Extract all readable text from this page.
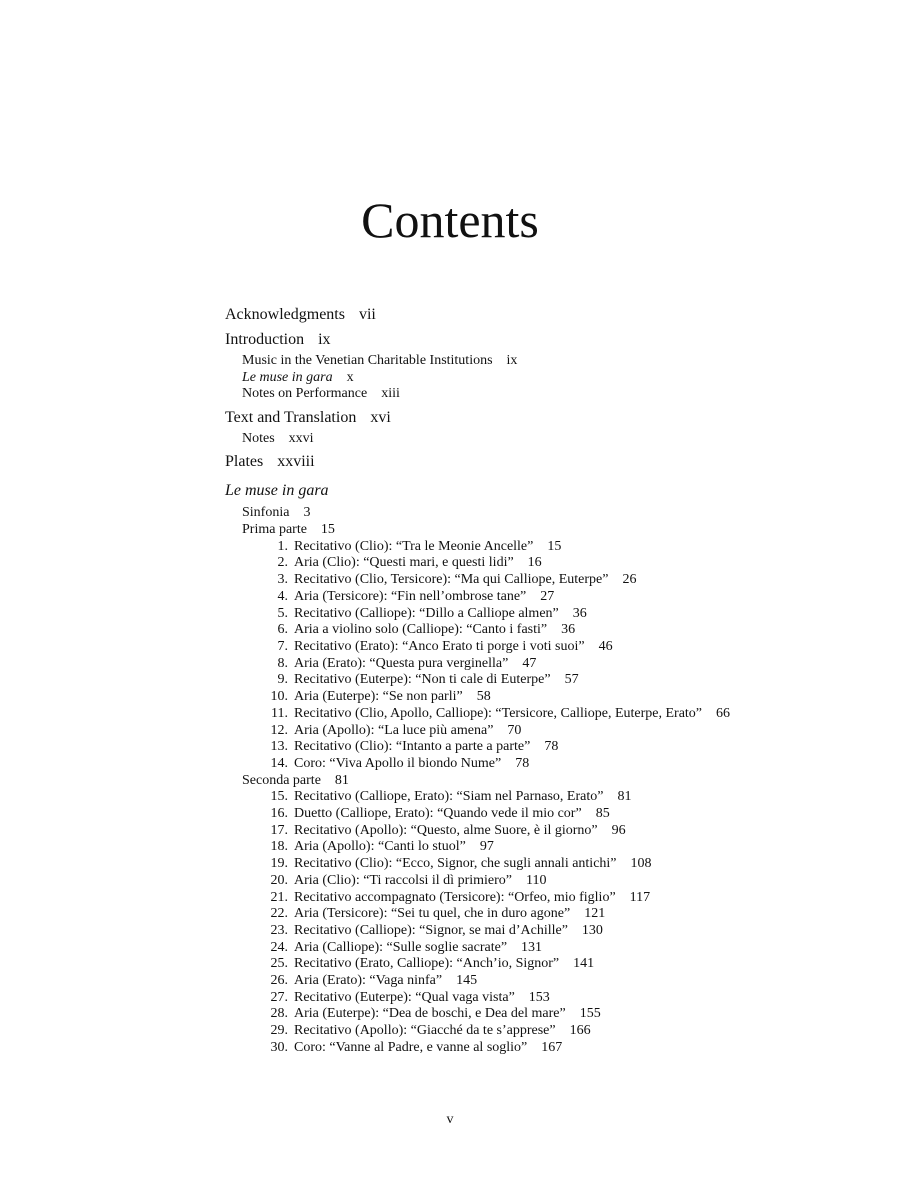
Contents
Acknowledgments vii
Introduction ix
Music in the Venetian Charitable Institutions ix
Le muse in gara x
Notes on Performance xiii
Text and Translation xvi
Notes xxvi
Plates xxviii
Le muse in gara
Sinfonia 3
Prima parte 15
1. Recitativo (Clio): “Tra le Meonie Ancelle” 15
2. Aria (Clio): “Questi mari, e questi lidi” 16
3. Recitativo (Clio, Tersicore): “Ma qui Calliope, Euterpe” 26
4. Aria (Tersicore): “Fin nell’ombrose tane” 27
5. Recitativo (Calliope): “Dillo a Calliope almen” 36
6. Aria a violino solo (Calliope): “Canto i fasti” 36
7. Recitativo (Erato): “Anco Erato ti porge i voti suoi” 46
8. Aria (Erato): “Questa pura verginella” 47
9. Recitativo (Euterpe): “Non ti cale di Euterpe” 57
10. Aria (Euterpe): “Se non parli” 58
11. Recitativo (Clio, Apollo, Calliope): “Tersicore, Calliope, Euterpe, Erato” 66
12. Aria (Apollo): “La luce più amena” 70
13. Recitativo (Clio): “Intanto a parte a parte” 78
14. Coro: “Viva Apollo il biondo Nume” 78
Seconda parte 81
15. Recitativo (Calliope, Erato): “Siam nel Parnaso, Erato” 81
16. Duetto (Calliope, Erato): “Quando vede il mio cor” 85
17. Recitativo (Apollo): “Questo, alme Suore, è il giorno” 96
18. Aria (Apollo): “Canti lo stuol” 97
19. Recitativo (Clio): “Ecco, Signor, che sugli annali antichi” 108
20. Aria (Clio): “Ti raccolsi il dì primiero” 110
21. Recitativo accompagnato (Tersicore): “Orfeo, mio figlio” 117
22. Aria (Tersicore): “Sei tu quel, che in duro agone” 121
23. Recitativo (Calliope): “Signor, se mai d’Achille” 130
24. Aria (Calliope): “Sulle soglie sacrate” 131
25. Recitativo (Erato, Calliope): “Anch’io, Signor” 141
26. Aria (Erato): “Vaga ninfa” 145
27. Recitativo (Euterpe): “Qual vaga vista” 153
28. Aria (Euterpe): “Dea de boschi, e Dea del mare” 155
29. Recitativo (Apollo): “Giacché da te s’apprese” 166
30. Coro: “Vanne al Padre, e vanne al soglio” 167
v
